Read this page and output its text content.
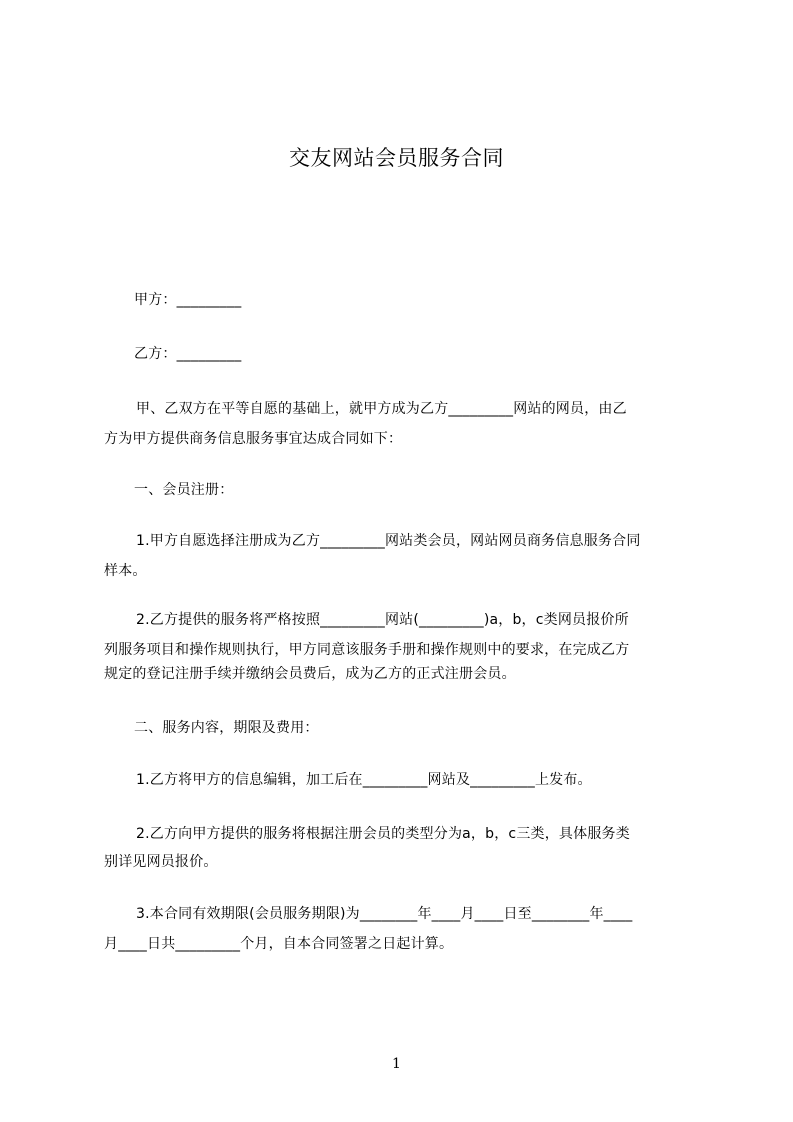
交友网站会员服务合同
甲方：_________
乙方：_________
甲、乙双方在平等自愿的基础上，就甲方成为乙方_________网站的网员，由乙
方为甲方提供商务信息服务事宜达成合同如下：
一、会员注册：
1.甲方自愿选择注册成为乙方_________网站类会员，网站网员商务信息服务合同
样本。
2.乙方提供的服务将严格按照_________网站(_________)a，b，c类网员报价所
列服务项目和操作规则执行，甲方同意该服务手册和操作规则中的要求，在完成乙方
规定的登记注册手续并缴纳会员费后，成为乙方的正式注册会员。
二、服务内容，期限及费用：
1.乙方将甲方的信息编辑，加工后在_________网站及_________上发布。
2.乙方向甲方提供的服务将根据注册会员的类型分为a，b，c三类，具体服务类
别详见网员报价。
3.本合同有效期限(会员服务期限)为________年____月____日至________年____
月____日共_________个月，自本合同签署之日起计算。
1
